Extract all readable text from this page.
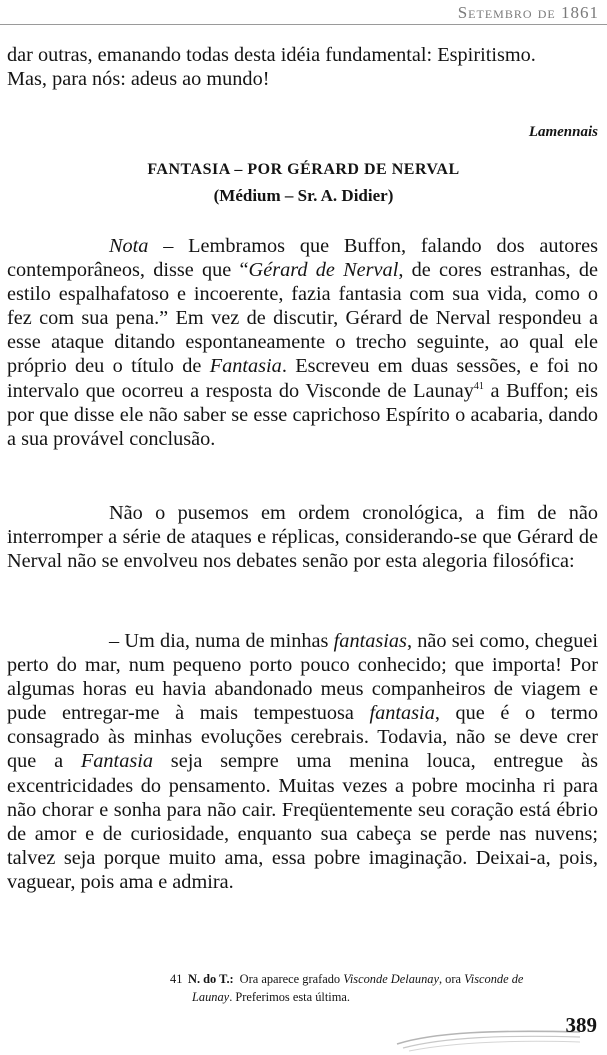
Setembro de 1861

dar outras, emanando todas desta idéia fundamental: Espiritismo.

Mas, para nós: adeus ao mundo!

Lamennais
FANTASIA – POR GÉRARD DE NERVAL
(Médium – Sr. A. Didier)

Nota – Lembramos que Buffon, falando dos autores contemporâneos, disse que “Gérard de Nerval, de cores estranhas, de estilo espalhafatoso e incoerente, fazia fantasia com sua vida, como o fez com sua pena.” Em vez de discutir, Gérard de Nerval respondeu a esse ataque ditando espontaneamente o trecho seguinte, ao qual ele próprio deu o título de Fantasia. Escreveu em duas sessões, e foi no intervalo que ocorreu a resposta do Visconde de Launay$^{41}$ a Buffon; eis por que disse ele não saber se esse caprichoso Espírito o acabaria, dando a sua provável conclusão.

Não o pusemos em ordem cronológica, a fim de não interromper a série de ataques e réplicas, considerando-se que Gérard de Nerval não se envolveu nos debates senão por esta alegoria filosófica:

– Um dia, numa de minhas fantasias, não sei como, cheguei perto do mar, num pequeno porto pouco conhecido; que importa! Por algumas horas eu havia abandonado meus companheiros de viagem e pude entregar-me à mais tempestuosa fantasia, que é o termo consagrado às minhas evoluções cerebrais. Todavia, não se deve crer que a Fantasia seja sempre uma menina louca, entregue às excentricidades do pensamento. Muitas vezes a pobre mocinha ri para não chorar e sonha para não cair. Freqüentemente seu coração está ébrio de amor e de curiosidade, enquanto sua cabeça se perde nas nuvens; talvez seja porque muito ama, essa pobre imaginação. Deixai-a, pois, vaguear, pois ama e admira.

41 N. do T.: Ora aparece grafado Visconde Delaunay, ora Visconde de
Launay. Preferimos esta última.
389
